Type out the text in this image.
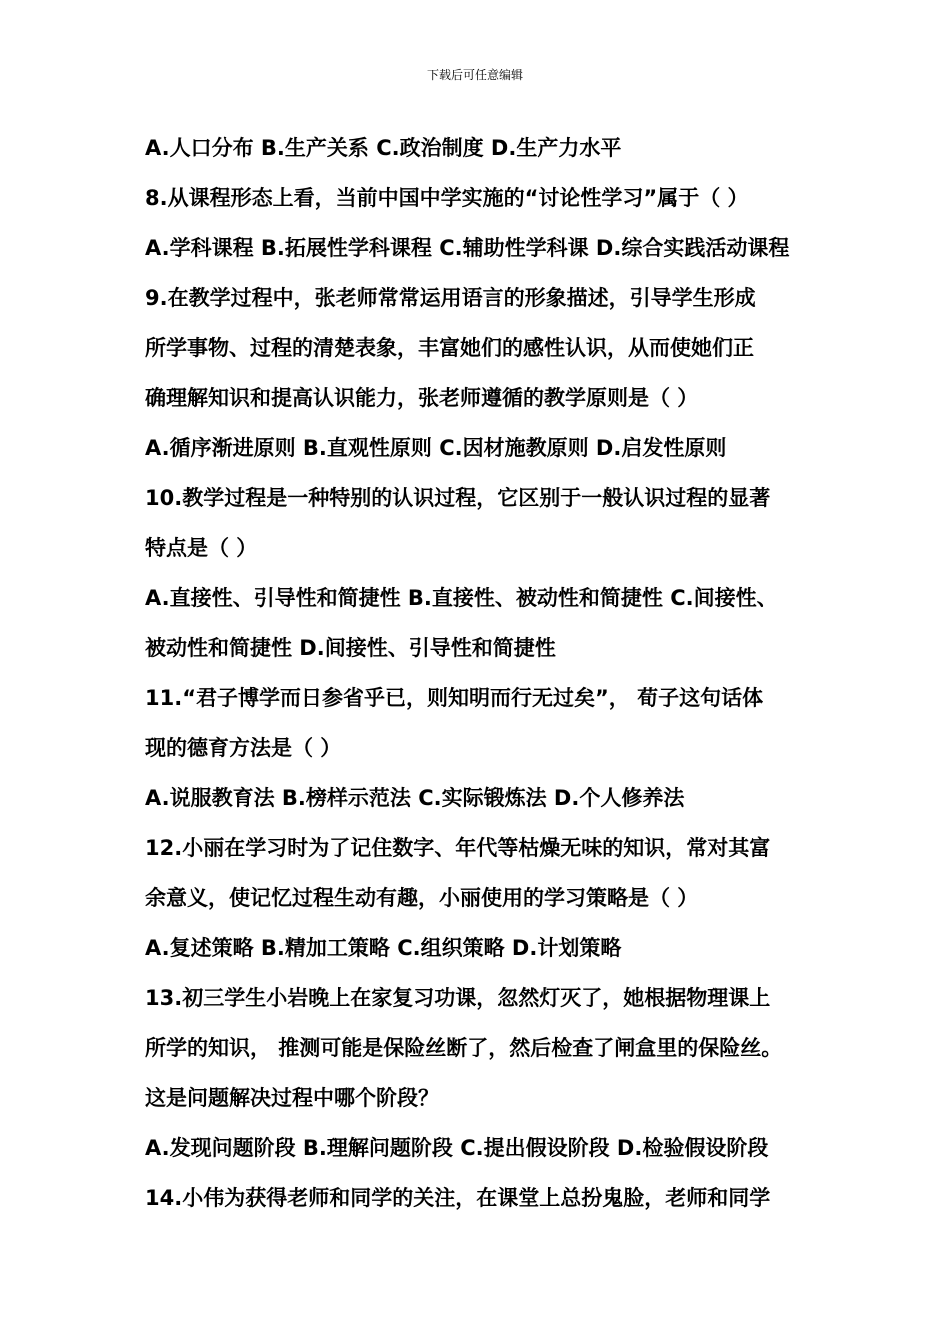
下载后可任意编辑
A.人口分布 B.生产关系 C.政治制度 D.生产力水平
8.从课程形态上看，当前中国中学实施的“讨论性学习”属于（ ）
A.学科课程 B.拓展性学科课程 C.辅助性学科课 D.综合实践活动课程
9.在教学过程中，张老师常常运用语言的形象描述，引导学生形成
所学事物、过程的清楚表象，丰富她们的感性认识，从而使她们正
确理解知识和提高认识能力，张老师遵循的教学原则是（ ）
A.循序渐进原则 B.直观性原则 C.因材施教原则 D.启发性原则
10.教学过程是一种特别的认识过程，它区别于一般认识过程的显著
特点是（ ）
A.直接性、引导性和简捷性 B.直接性、被动性和简捷性 C.间接性、
被动性和简捷性 D.间接性、引导性和简捷性
11.“君子博学而日参省乎已，则知明而行无过矣”， 荀子这句话体
现的德育方法是（ ）
A.说服教育法 B.榜样示范法 C.实际锻炼法 D.个人修养法
12.小丽在学习时为了记住数字、年代等枯燥无味的知识，常对其富
余意义，使记忆过程生动有趣，小丽使用的学习策略是（ ）
A.复述策略 B.精加工策略 C.组织策略 D.计划策略
13.初三学生小岩晚上在家复习功课，忽然灯灭了，她根据物理课上
所学的知识， 推测可能是保险丝断了，然后检查了闸盒里的保险丝。
这是问题解决过程中哪个阶段？
A.发现问题阶段 B.理解问题阶段 C.提出假设阶段 D.检验假设阶段
14.小伟为获得老师和同学的关注，在课堂上总扮鬼脸，老师和同学
